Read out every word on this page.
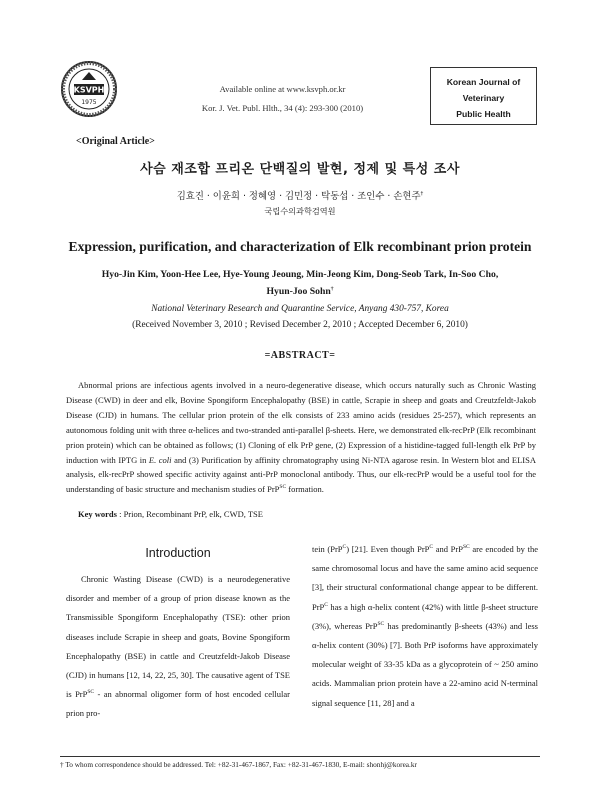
KSVPH
1975
Available online at www.ksvph.or.kr
Kor. J. Vet. Publ. Hlth., 34 (4): 293-300 (2010)
Korean Journal of
Veterinary
Public Health
<Original Article>
사슴 재조합 프리온 단백질의 발현, 정제 및 특성 조사
김효진 · 이윤희 · 정혜영 · 김민정 · 탁동섭 · 조인수 · 손현주†
국립수의과학검역원
Expression, purification, and characterization of Elk recombinant prion protein
Hyo-Jin Kim, Yoon-Hee Lee, Hye-Young Jeoung, Min-Jeong Kim, Dong-Seob Tark, In-Soo Cho,
Hyun-Joo Sohn†
National Veterinary Research and Quarantine Service, Anyang 430-757, Korea
(Received November 3, 2010 ; Revised December 2, 2010 ; Accepted December 6, 2010)
=ABSTRACT=
Abnormal prions are infectious agents involved in a neuro-degenerative disease, which occurs naturally such as Chronic Wasting Disease (CWD) in deer and elk, Bovine Spongiform Encephalopathy (BSE) in cattle, Scrapie in sheep and goats and Creutzfeldt-Jakob Disease (CJD) in humans. The cellular prion protein of the elk consists of 233 amino acids (residues 25-257), which represents an autonomous folding unit with three α-helices and two-stranded anti-parallel β-sheets. Here, we demonstrated elk-recPrP (Elk recombinant prion protein) which can be obtained as follows; (1) Cloning of elk PrP gene, (2) Expression of a histidine-tagged full-length elk PrP by induction with IPTG in E. coli and (3) Purification by affinity chromatography using Ni-NTA agarose resin. In Western blot and ELISA analysis, elk-recPrP showed specific activity against anti-PrP monoclonal antibody. Thus, our elk-recPrP would be a useful tool for the understanding of basic structure and mechanism studies of PrP$^{SC}$ formation.
Key words : Prion, Recombinant PrP, elk, CWD, TSE
Introduction
Chronic Wasting Disease (CWD) is a neurodegenerative disorder and member of a group of prion disease known as the Transmissible Spongiform Encephalopathy (TSE): other prion diseases include Scrapie in sheep and goats, Bovine Spongiform Encephalopathy (BSE) in cattle and Creutzfeldt-Jakob Disease (CJD) in humans [12, 14, 22, 25, 30]. The causative agent of TSE is PrP$^{SC}$ - an abnormal oligomer form of host encoded cellular prion pro-
tein (PrP$^C$) [21]. Even though PrP$^C$ and PrP$^{SC}$ are encoded by the same chromosomal locus and have the same amino acid sequence [3], their structural conformational change appear to be different. PrP$^C$ has a high α-helix content (42%) with little β-sheet structure (3%), whereas PrP$^{SC}$ has predominantly β-sheets (43%) and less α-helix content (30%) [7]. Both PrP isoforms have approximately molecular weight of 33-35 kDa as a glycoprotein of ~ 250 amino acids. Mammalian prion protein have a 22-amino acid N-terminal signal sequence [11, 28] and a
† To whom correspondence should be addressed. Tel: +82-31-467-1867, Fax: +82-31-467-1830, E-mail: shonhj@korea.kr
